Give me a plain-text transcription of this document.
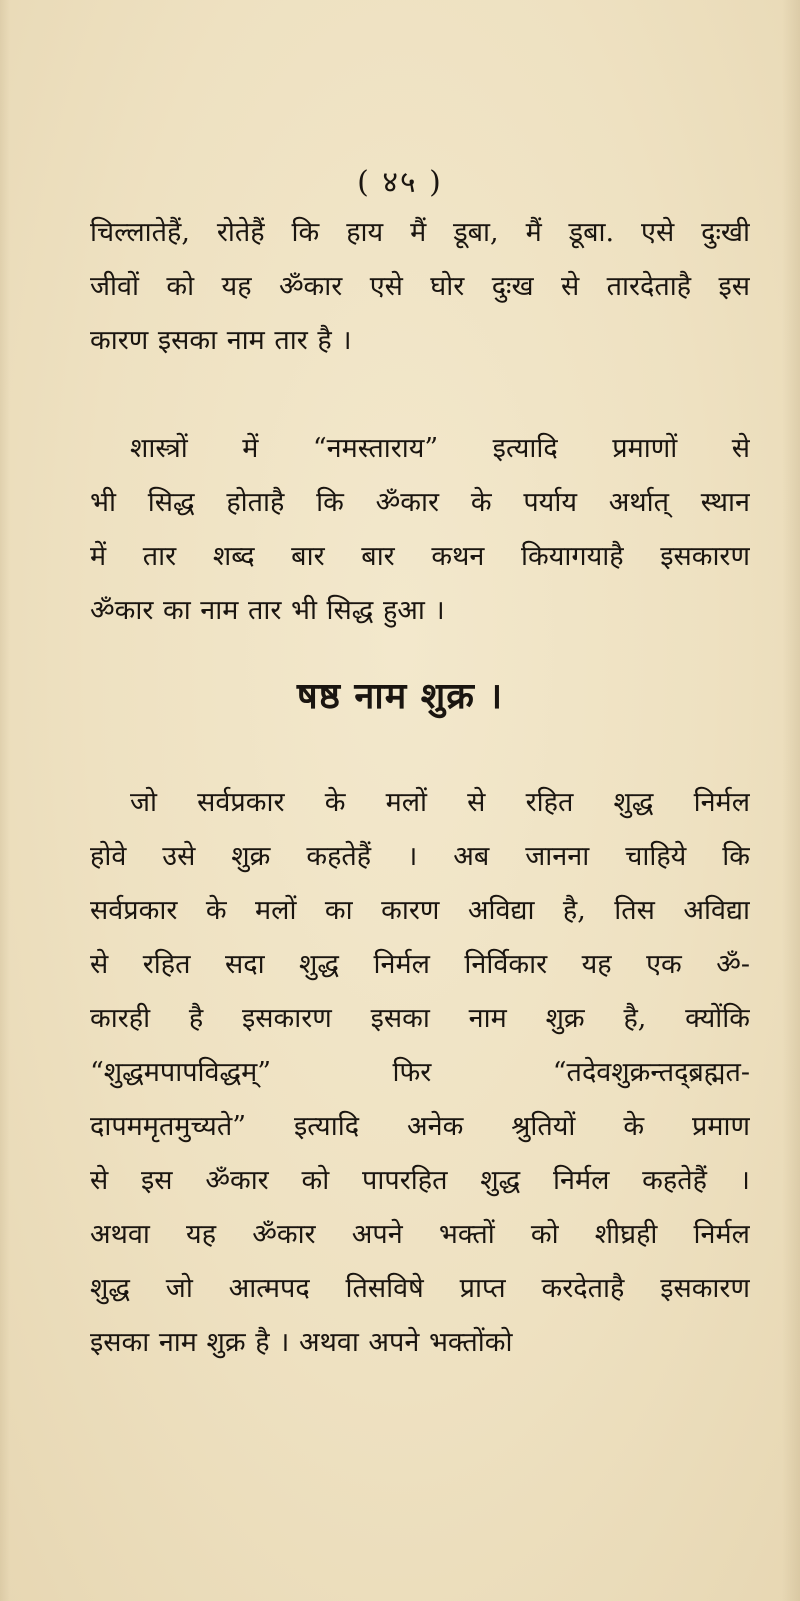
( ४५ )
चिल्लातेहैं, रोतेहैं कि हाय मैं डूबा, मैं डूबा. एसे दुःखी
जीवों को यह ॐकार एसे घोर दुःख से तारदेताहै इस
कारण इसका नाम तार है ।
शास्त्रों में “नमस्ताराय” इत्यादि प्रमाणों से
भी सिद्ध होताहै कि ॐकार के पर्याय अर्थात् स्थान
में तार शब्द बार बार कथन कियागयाहै इसकारण
ॐकार का नाम तार भी सिद्ध हुआ ।
षष्ठ नाम शुक्र ।
जो सर्वप्रकार के मलों से रहित शुद्ध निर्मल
होवे उसे शुक्र कहतेहैं । अब जानना चाहिये कि
सर्वप्रकार के मलों का कारण अविद्या है, तिस अविद्या
से रहित सदा शुद्ध निर्मल निर्विकार यह एक ॐ-
कारही है इसकारण इसका नाम शुक्र है, क्योंकि
“शुद्धमपापविद्धम्” फिर “तदेवशुक्रन्तद्ब्रह्मत-
दापममृतमुच्यते” इत्यादि अनेक श्रुतियों के प्रमाण
से इस ॐकार को पापरहित शुद्ध निर्मल कहतेहैं ।
अथवा यह ॐकार अपने भक्तों को शीघ्रही निर्मल
शुद्ध जो आत्मपद तिसविषे प्राप्त करदेताहै इसकारण
इसका नाम शुक्र है । अथवा अपने भक्तोंको
